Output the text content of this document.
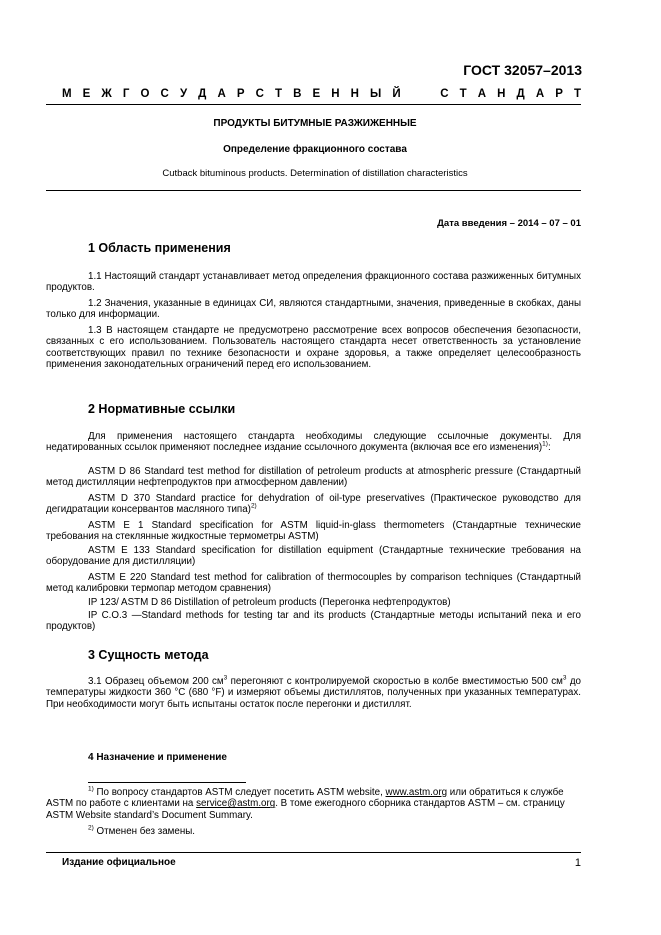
ГОСТ 32057–2013
М Е Ж Г О С У Д А Р С Т В Е Н Н Ы Й

	С Т А Н Д А Р Т
ПРОДУКТЫ БИТУМНЫЕ РАЗЖИЖЕННЫЕ
Определение фракционного состава
Cutback bituminous products. Determination of distillation characteristics
Дата введения – 2014 – 07 – 01
1 Область применения
1.1 Настоящий стандарт устанавливает метод определения фракционного состава разжиженных битумных продуктов.
1.2 Значения, указанные в единицах СИ, являются стандартными, значения, приведенные в скобках, даны только для информации.
1.3 В настоящем стандарте не предусмотрено рассмотрение всех вопросов обеспечения безопасности, связанных с его использованием. Пользователь настоящего стандарта несет ответственность за установление соответствующих правил по технике безопасности и охране здоровья, а также определяет целесообразность применения законодательных ограничений перед его использованием.
2 Нормативные ссылки
Для применения настоящего стандарта необходимы следующие ссылочные документы. Для недатированных ссылок применяют последнее издание ссылочного документа (включая все его изменения)$^{1)}$:
ASTM D 86 Standard test method for distillation of petroleum products at atmospheric pressure (Стандартный метод дистилляции нефтепродуктов при атмосферном давлении)
ASTM D 370 Standard practice for dehydration of oil-type preservatives (Практическое руководство для дегидратации консервантов масляного типа)$^{2)}$
ASTM E 1 Standard specification for ASTM liquid-in-glass thermometers (Стандартные технические требования на стеклянные жидкостные термометры ASTM)
ASTM E 133 Standard specification for distillation equipment (Стандартные технические требования на оборудование для дистилляции)
ASTM E 220 Standard test method for calibration of thermocouples by comparison techniques (Стандартный метод калибровки термопар методом сравнения)
IP 123/ ASTM D 86 Distillation of petroleum products (Перегонка нефтепродуктов)
IP C.O.3 —Standard methods for testing tar and its products (Стандартные методы испытаний пека и его продуктов)
3 Сущность метода
3.1 Образец объемом 200 $см^3$ перегоняют с контролируемой скоростью в колбе вместимостью 500 $см^3$ до температуры жидкости 360 °С (680 °F) и измеряют объемы дистиллятов, полученных при указанных температурах. При необходимости могут быть испытаны остаток после перегонки и дистиллят.
4 Назначение и применение
$^{1)}$ По вопросу стандартов ASTM следует посетить ASTM website, www.astm.org или обратиться к службе ASTM по работе с клиентами на service@astm.org. В томе ежегодного сборника стандартов ASTM – см. страницу ASTM Website standard’s Document Summary.
$^{2)}$ Отменен без замены.
Издание официальное	1
